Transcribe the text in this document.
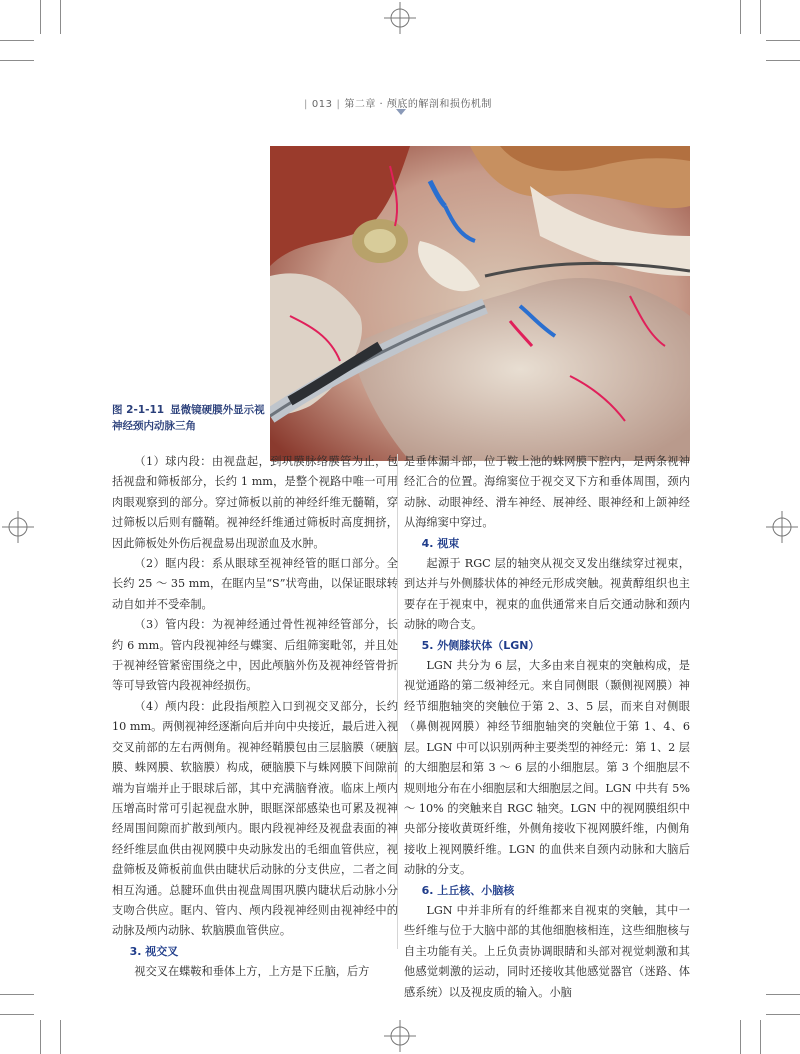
| 013 | 第二章 · 颅底的解剖和损伤机制
图 2-1-11 显微镜硬膜外显示视神经颈内动脉三角

（1）球内段：由视盘起，到巩膜脉络膜管为止，包括视盘和筛板部分，长约 1 mm，是整个视路中唯一可用肉眼观察到的部分。穿过筛板以前的神经纤维无髓鞘，穿过筛板以后则有髓鞘。视神经纤维通过筛板时高度拥挤，因此筛板处外伤后视盘易出现淤血及水肿。

（2）眶内段：系从眼球至视神经管的眶口部分。全长约 25 ～ 35 mm，在眶内呈“S”状弯曲，以保证眼球转动自如并不受牵制。

（3）管内段：为视神经通过骨性视神经管部分，长约 6 mm。管内段视神经与蝶窦、后组筛窦毗邻，并且处于视神经管紧密围绕之中，因此颅脑外伤及视神经管骨折等可导致管内段视神经损伤。

（4）颅内段：此段指颅腔入口到视交叉部分，长约 10 mm。两侧视神经逐渐向后并向中央接近，最后进入视交叉前部的左右两侧角。视神经鞘膜包由三层脑膜（硬脑膜、蛛网膜、软脑膜）构成，硬脑膜下与蛛网膜下间隙前端为盲端并止于眼球后部，其中充满脑脊液。临床上颅内压增高时常可引起视盘水肿，眼眶深部感染也可累及视神经周围间隙而扩散到颅内。眼内段视神经及视盘表面的神经纤维层血供由视网膜中央动脉发出的毛细血管供应，视盘筛板及筛板前血供由睫状后动脉的分支供应，二者之间相互沟通。总腱环血供由视盘周围巩膜内睫状后动脉小分支吻合供应。眶内、管内、颅内段视神经则由视神经中的动脉及颅内动脉、软脑膜血管供应。

3. 视交叉

视交叉在蝶鞍和垂体上方，上方是下丘脑，后方

是垂体漏斗部，位于鞍上池的蛛网膜下腔内，是两条视神经汇合的位置。海绵窦位于视交叉下方和垂体周围，颈内动脉、动眼神经、滑车神经、展神经、眼神经和上颌神经从海绵窦中穿过。

4. 视束

起源于 RGC 层的轴突从视交叉发出继续穿过视束，到达并与外侧膝状体的神经元形成突触。视黄醇组织也主要存在于视束中，视束的血供通常来自后交通动脉和颈内动脉的吻合支。

5. 外侧膝状体（LGN）

LGN 共分为 6 层，大多由来自视束的突触构成，是视觉通路的第二级神经元。来自同侧眼（颞侧视网膜）神经节细胞轴突的突触位于第 2、3、5 层，而来自对侧眼（鼻侧视网膜）神经节细胞轴突的突触位于第 1、4、6 层。LGN 中可以识别两种主要类型的神经元：第 1、2 层的大细胞层和第 3 ～ 6 层的小细胞层。第 3 个细胞层不规则地分布在小细胞层和大细胞层之间。LGN 中共有 5% ～ 10% 的突触来自 RGC 轴突。LGN 中的视网膜组织中央部分接收黄斑纤维，外侧角接收下视网膜纤维，内侧角接收上视网膜纤维。LGN 的血供来自颈内动脉和大脑后动脉的分支。

6. 上丘核、小脑核

LGN 中并非所有的纤维都来自视束的突触，其中一些纤维与位于大脑中部的其他细胞核相连，这些细胞核与自主功能有关。上丘负责协调眼睛和头部对视觉刺激和其他感觉刺激的运动，同时还接收其他感觉器官（迷路、体感系统）以及视皮质的输入。小脑
